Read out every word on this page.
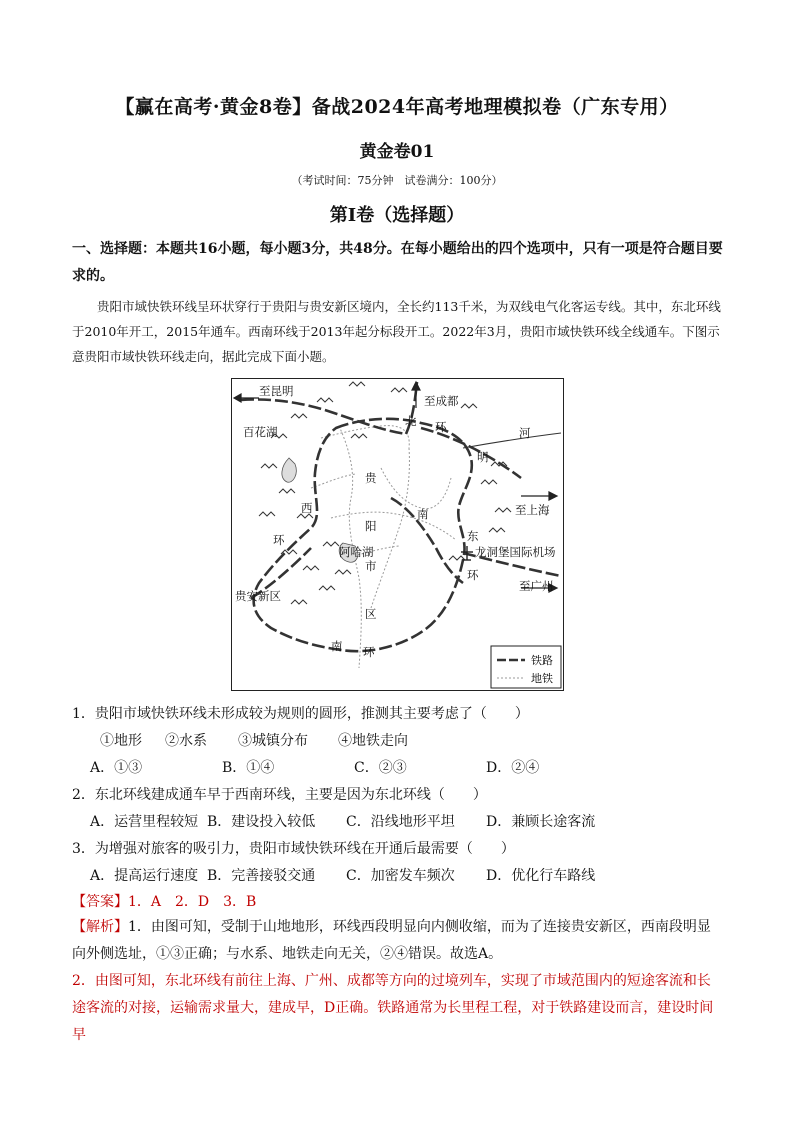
【赢在高考·黄金8卷】备战2024年高考地理模拟卷（广东专用）
黄金卷01
（考试时间：75分钟　试卷满分：100分）
第Ⅰ卷（选择题）
一、选择题：本题共16小题，每小题3分，共48分。在每小题给出的四个选项中，只有一项是符合题目要求的。
贵阳市域快铁环线呈环状穿行于贵阳与贵安新区境内，全长约113千米，为双线电气化客运专线。其中，东北环线于2010年开工，2015年通车。西南环线于2013年起分标段开工。2022年3月，贵阳市域快铁环线全线通车。下图示意贵阳市域快铁环线走向，据此完成下面小题。
至昆明
至成都
河
百花湖
北 环
明
贵
西
环
至上海
南
阳
东
阿哈湖	龙洞堡国际机场
市
环
至广州
贵安新区
区
南 环
铁路
地铁
1．贵阳市域快铁环线未形成较为规则的圆形，推测其主要考虑了（　　）
①地形 ②水系 ③城镇分布 ④地铁走向
A．①③	B．①④	C．②③	D．②④
2．东北环线建成通车早于西南环线，主要是因为东北环线（　　）
A．运营里程较短 B．建设投入较低 C．沿线地形平坦 D．兼顾长途客流
3．为增强对旅客的吸引力，贵阳市域快铁环线在开通后最需要（　　）
A．提高运行速度 B．完善接驳交通 C．加密发车频次 D．优化行车路线
【答案】1．A　2．D　3．B
【解析】1．由图可知，受制于山地地形，环线西段明显向内侧收缩，而为了连接贵安新区，西南段明显向外侧选址，①③正确；与水系、地铁走向无关，②④错误。故选A。
2．由图可知，东北环线有前往上海、广州、成都等方向的过境列车，实现了市域范围内的短途客流和长途客流的对接，运输需求量大，建成早，D正确。铁路通常为长里程工程，对于铁路建设而言，建设时间早
